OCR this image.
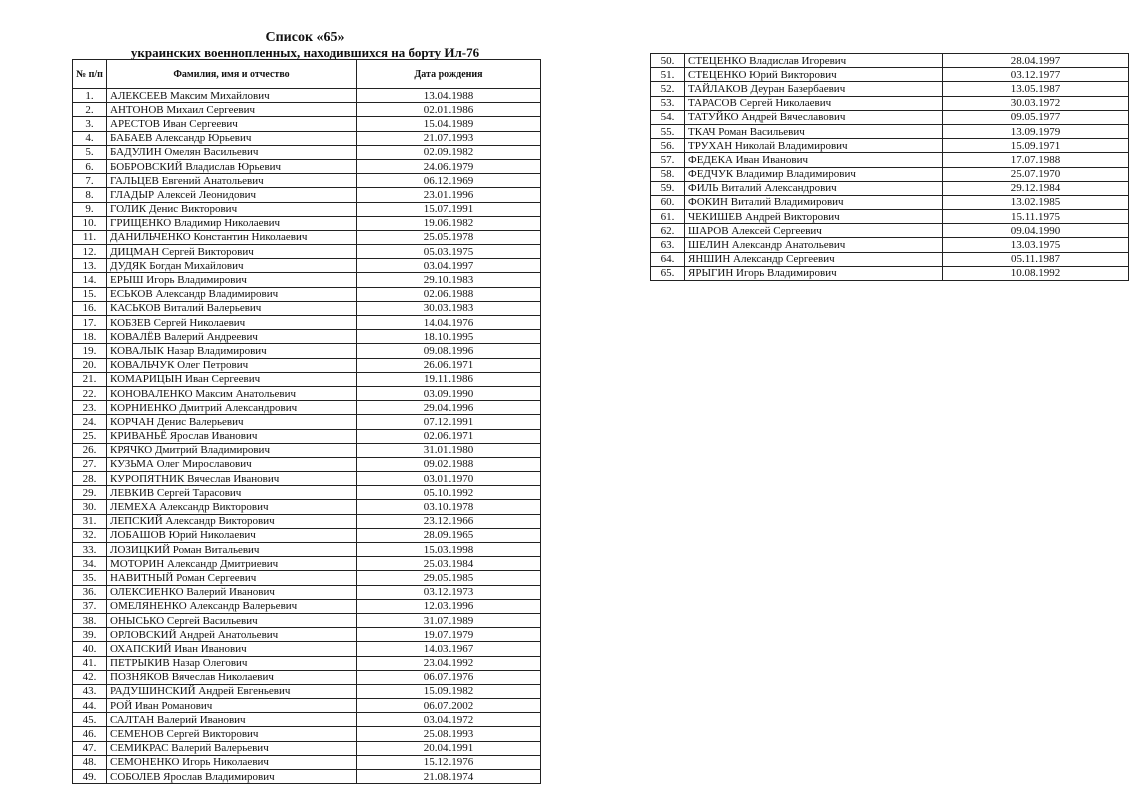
Список «65»
украинских военнопленных, находившихся на борту Ил-76
№ п/п	Фамилия, имя и отчество	Дата рождения
1.	АЛЕКСЕЕВ Максим Михайлович	13.04.1988
2.	АНТОНОВ Михаил Сергеевич	02.01.1986
3.	АРЕСТОВ Иван Сергеевич	15.04.1989
4.	БАБАЕВ Александр Юрьевич	21.07.1993
5.	БАДУЛИН Омелян Васильевич	02.09.1982
6.	БОБРОВСКИЙ Владислав Юрьевич	24.06.1979
7.	ГАЛЬЦЕВ Евгений Анатольевич	06.12.1969
8.	ГЛАДЫР Алексей Леонидович	23.01.1996
9.	ГОЛИК Денис Викторович	15.07.1991
10.	ГРИЩЕНКО Владимир Николаевич	19.06.1982
11.	ДАНИЛЬЧЕНКО Константин Николаевич	25.05.1978
12.	ДИЦМАН Сергей Викторович	05.03.1975
13.	ДУДЯК Богдан Михайлович	03.04.1997
14.	ЕРЫШ Игорь Владимирович	29.10.1983
15.	ЕСЬКОВ Александр Владимирович	02.06.1988
16.	КАСЬКОВ Виталий Валерьевич	30.03.1983
17.	КОБЗЕВ Сергей Николаевич	14.04.1976
18.	КОВАЛЁВ Валерий Андреевич	18.10.1995
19.	КОВАЛЫК Назар Владимирович	09.08.1996
20.	КОВАЛЬЧУК Олег Петрович	26.06.1971
21.	КОМАРИЦЫН Иван Сергеевич	19.11.1986
22.	КОНОВАЛЕНКО Максим Анатольевич	03.09.1990
23.	КОРНИЕНКО Дмитрий Александрович	29.04.1996
24.	КОРЧАН Денис Валерьевич	07.12.1991
25.	КРИВАНЬЁ Ярослав Иванович	02.06.1971
26.	КРЯЧКО Дмитрий Владимирович	31.01.1980
27.	КУЗЬМА Олег Мирославович	09.02.1988
28.	КУРОПЯТНИК Вячеслав Иванович	03.01.1970
29.	ЛЕВКИВ Сергей Тарасович	05.10.1992
30.	ЛЕМЕХА Александр Викторович	03.10.1978
31.	ЛЕПСКИЙ Александр Викторович	23.12.1966
32.	ЛОБАШОВ Юрий Николаевич	28.09.1965
33.	ЛОЗИЦКИЙ Роман Витальевич	15.03.1998
34.	МОТОРИН Александр Дмитриевич	25.03.1984
35.	НАВИТНЫЙ Роман Сергеевич	29.05.1985
36.	ОЛЕКСИЕНКО Валерий Иванович	03.12.1973
37.	ОМЕЛЯНЕНКО Александр Валерьевич	12.03.1996
38.	ОНЫСЬКО Сергей Васильевич	31.07.1989
39.	ОРЛОВСКИЙ Андрей Анатольевич	19.07.1979
40.	ОХАПСКИЙ Иван Иванович	14.03.1967
41.	ПЕТРЫКИВ Назар Олегович	23.04.1992
42.	ПОЗНЯКОВ Вячеслав Николаевич	06.07.1976
43.	РАДУШИНСКИЙ Андрей Евгеньевич	15.09.1982
44.	РОЙ Иван Романович	06.07.2002
45.	САЛТАН Валерий Иванович	03.04.1972
46.	СЕМЕНОВ Сергей Викторович	25.08.1993
47.	СЕМИКРАС Валерий Валерьевич	20.04.1991
48.	СЕМОНЕНКО Игорь Николаевич	15.12.1976
49.	СОБОЛЕВ Ярослав Владимирович	21.08.1974
50.	СТЕЦЕНКО Владислав Игоревич	28.04.1997
51.	СТЕЦЕНКО Юрий Викторович	03.12.1977
52.	ТАЙЛАКОВ Деуран Базербаевич	13.05.1987
53.	ТАРАСОВ Сергей Николаевич	30.03.1972
54.	ТАТУЙКО Андрей Вячеславович	09.05.1977
55.	ТКАЧ Роман Васильевич	13.09.1979
56.	ТРУХАН Николай Владимирович	15.09.1971
57.	ФЕДЕКА Иван Иванович	17.07.1988
58.	ФЕДЧУК Владимир Владимирович	25.07.1970
59.	ФИЛЬ Виталий Александрович	29.12.1984
60.	ФОКИН Виталий Владимирович	13.02.1985
61.	ЧЕКИШЕВ Андрей Викторович	15.11.1975
62.	ШАРОВ Алексей Сергеевич	09.04.1990
63.	ШЕЛИН Александр Анатольевич	13.03.1975
64.	ЯНШИН Александр Сергеевич	05.11.1987
65.	ЯРЫГИН Игорь Владимирович	10.08.1992
